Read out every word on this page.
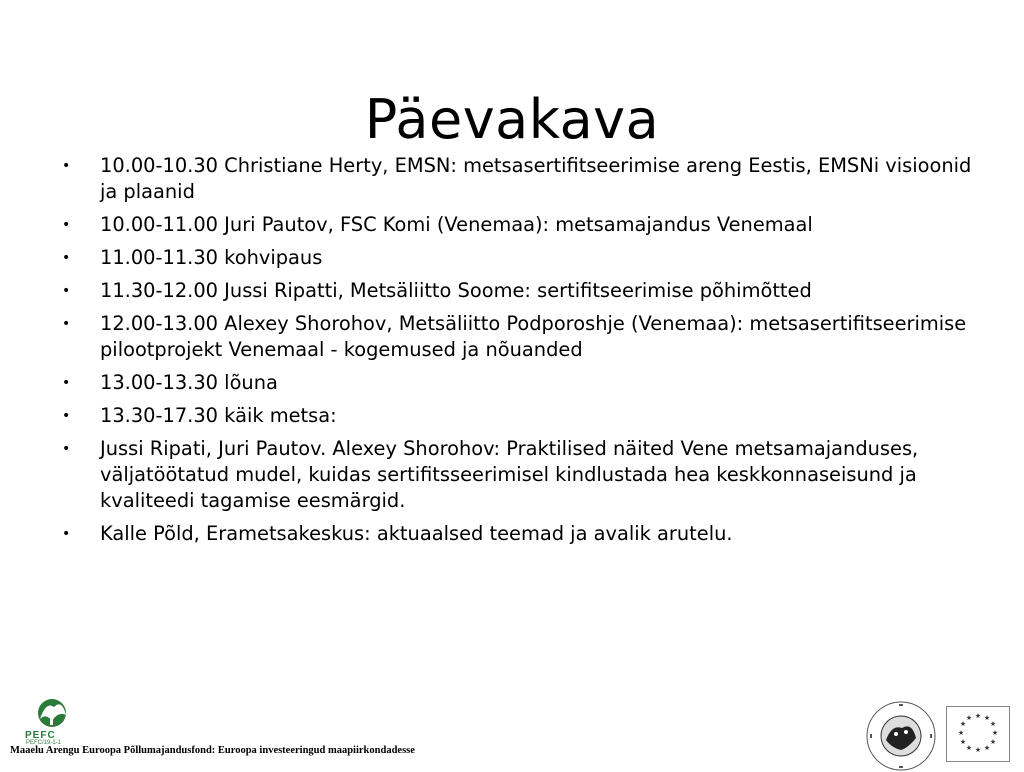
Päevakava
• 10.00-10.30 Christiane Herty, EMSN: metsasertifitseerimise areng Eestis, EMSNi visioonid ja plaanid
• 10.00-11.00 Juri Pautov, FSC Komi (Venemaa): metsamajandus Venemaal
• 11.00-11.30 kohvipaus
• 11.30-12.00 Jussi Ripatti, Metsäliitto Soome: sertifitseerimise põhimõtted
• 12.00-13.00 Alexey Shorohov, Metsäliitto Podporoshje (Venemaa): metsasertifitseerimise pilootprojekt Venemaal - kogemused ja nõuanded
• 13.00-13.30 lõuna
• 13.30-17.30 käik metsa:
• Jussi Ripati, Juri Pautov. Alexey Shorohov: Praktilised näited Vene metsamajanduses, väljatöötatud mudel, kuidas sertifitsseerimisel kindlustada hea keskkonnaseisund ja kvaliteedi tagamise eesmärgid.
• Kalle Põld, Erametsakeskus: aktuaalsed teemad ja avalik arutelu.
PEFC
PEFC/19-1-1
Maaelu Arengu Euroopa Põllumajandusfond: Euroopa investeeringud maapiirkondadesse
★ ★
★
★
★
★
★
★
★
★
★
★
